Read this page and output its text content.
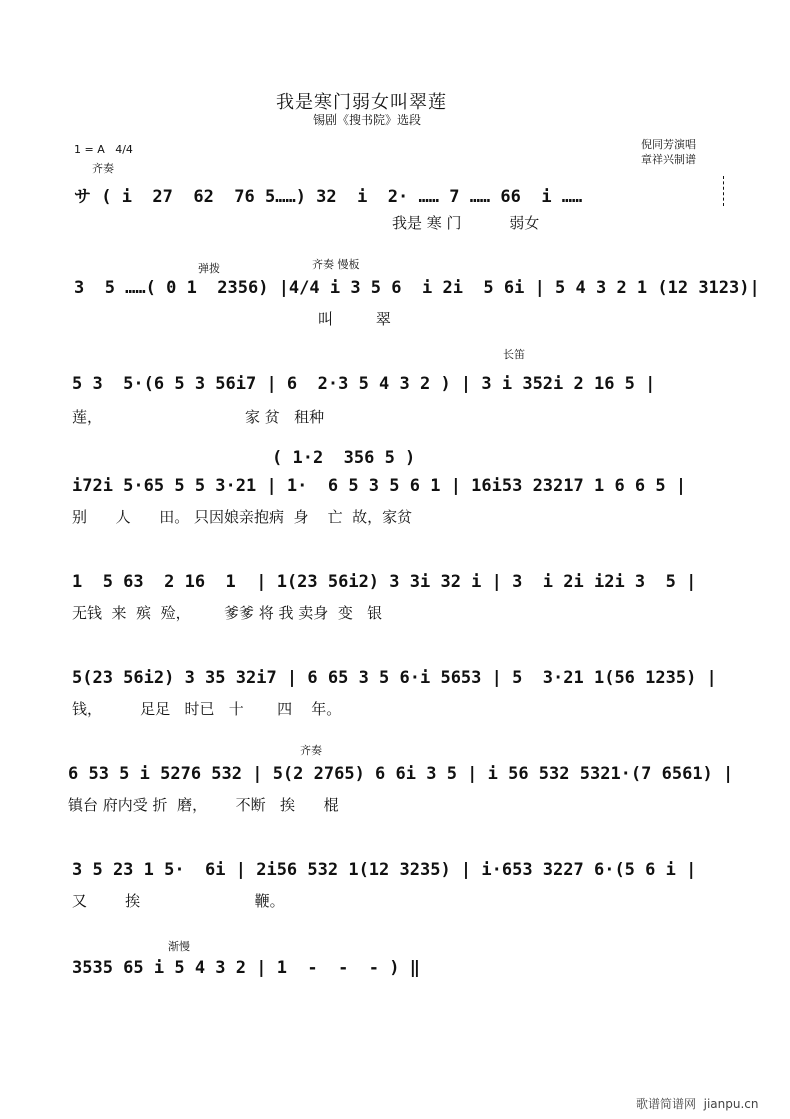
我是寒门弱女叫翠莲
锡剧《搜书院》选段
1 = A   4/4	倪同芳演唱
章祥兴制谱
齐奏
サ ( i  27  62  76 5……) 32  i  2· …… 7 …… 66  i ……
我是 寒 门          弱女
弹拨	齐奏 慢板
3  5 ……( 0 1  2356) |4/4 i 3 5 6  i 2i  5 6i | 5 4 3 2 1 (12 3123)|
叫         翠
长笛
5 3  5·(6 5 3 56i7 | 6  2·3 5 4 3 2 ) | 3 i 352i 2 16 5 |
莲，                              家 贫   租种
( 1·2  356 5 )
i72i 5·65 5 5 3·21 | 1·  6 5 3 5 6 1 | 16i53 23217 1 6 6 5 |
别      人      田。 只因娘亲抱病  身    亡  故，家贫
1  5 63  2 16  1  | 1(23 56i2) 3 3i 32 i | 3  i 2i i2i 3  5 |
无钱  来  殡  殓，       爹爹 将 我 卖身  变   银
5(23 56i2) 3 35 32i7 | 6 65 3 5 6·i 5653 | 5  3·21 1(56 1235) |
钱，        足足   时已   十       四    年。
齐奏
6 53 5 i 5276 532 | 5(2 2765) 6 6i 3 5 | i 56 532 5321·(7 6561) |
镇台 府内受 折  磨，      不断   挨      棍
3 5 23 1 5·  6i | 2i56 532 1(12 3235) | i·653 3227 6·(5 6 i |
又        挨                        鞭。
渐慢
3535 65 i 5 4 3 2 | 1  -  -  - ) ‖
歌谱简谱网  jianpu.cn
